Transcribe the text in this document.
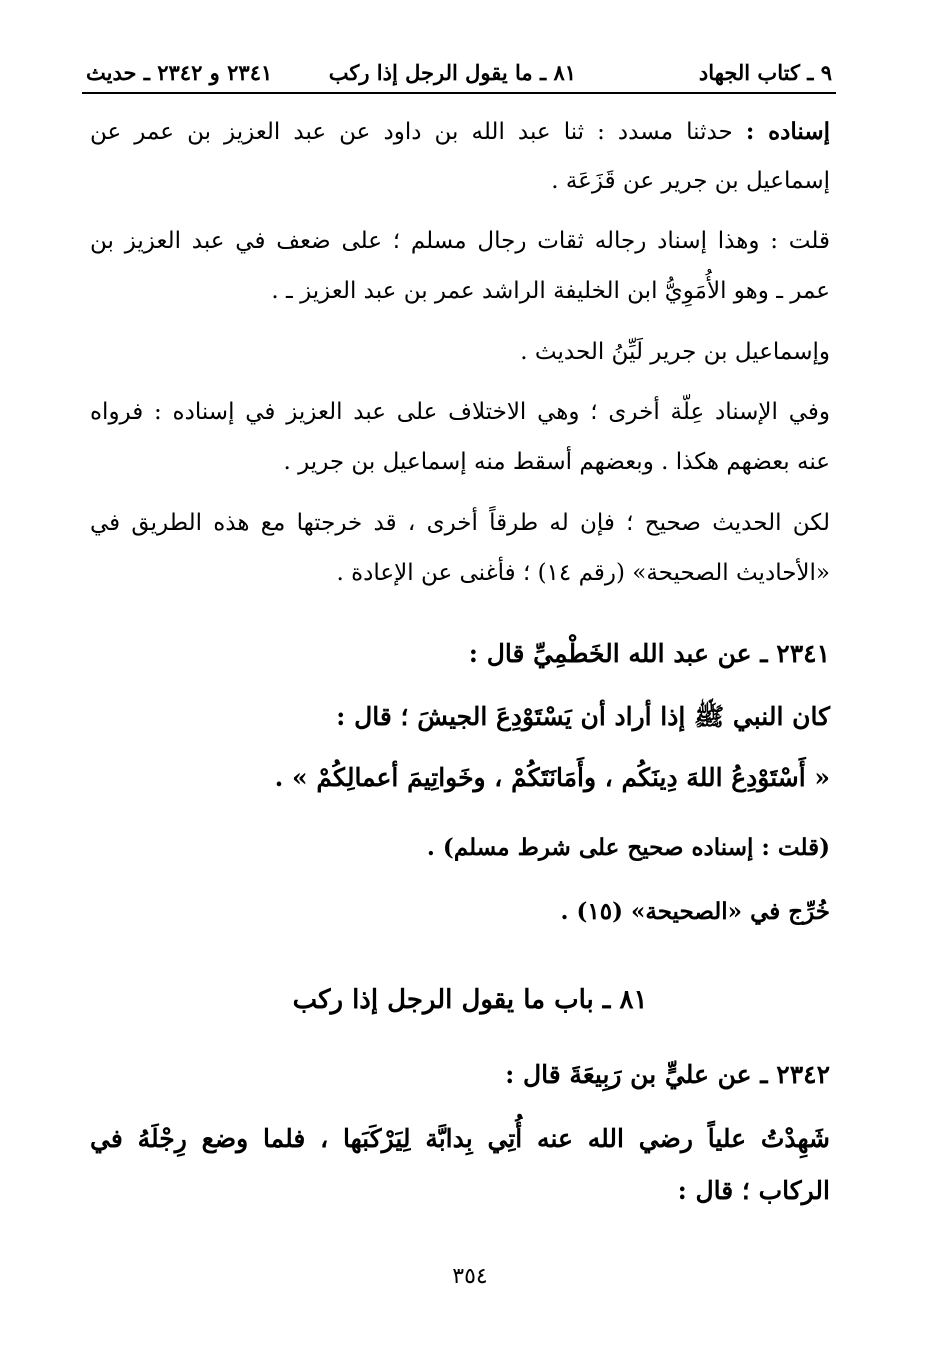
٩ ـ كتاب الجهاد
٨١ ـ ما يقول الرجل إذا ركب
٢٣٤١ و ٢٣٤٢ ـ حديث
إسناده : حدثنا مسدد : ثنا عبد الله بن داود عن عبد العزيز بن عمر عن
إسماعيل بن جرير عن قَزَعَة .
قلت : وهذا إسناد رجاله ثقات رجال مسلم ؛ على ضعف في عبد العزيز بن
عمر ـ وهو الأُمَوِيُّ ابن الخليفة الراشد عمر بن عبد العزيز ـ .
وإسماعيل بن جرير لَيِّنُ الحديث .
وفي الإسناد عِلّة أخرى ؛ وهي الاختلاف على عبد العزيز في إسناده : فرواه
عنه بعضهم هكذا . وبعضهم أسقط منه إسماعيل بن جرير .
لكن الحديث صحيح ؛ فإن له طرقاً أخرى ، قد خرجتها مع هذه الطريق في
«الأحاديث الصحيحة» (رقم ١٤) ؛ فأغنى عن الإعادة .
٢٣٤١ ـ عن عبد الله الخَطْمِيِّ قال :
كان النبي ﷺ إذا أراد أن يَسْتَوْدِعَ الجيشَ ؛ قال :
« أَسْتَوْدِعُ اللهَ دِينَكُم ، وأَمَانَتَكُمْ ، وخَواتِيمَ أعمالِكُمْ » .
(قلت : إسناده صحيح على شرط مسلم) .
خُرِّج في «الصحيحة» (١٥) .
٨١ ـ باب ما يقول الرجل إذا ركب
٢٣٤٢ ـ عن عليٍّ بن رَبِيعَةَ قال :
شَهِدْتُ علياً رضي الله عنه أُتِي بِدابَّة لِيَرْكَبَها ، فلما وضع رِجْلَهُ في
الركاب ؛ قال :
٣٥٤
